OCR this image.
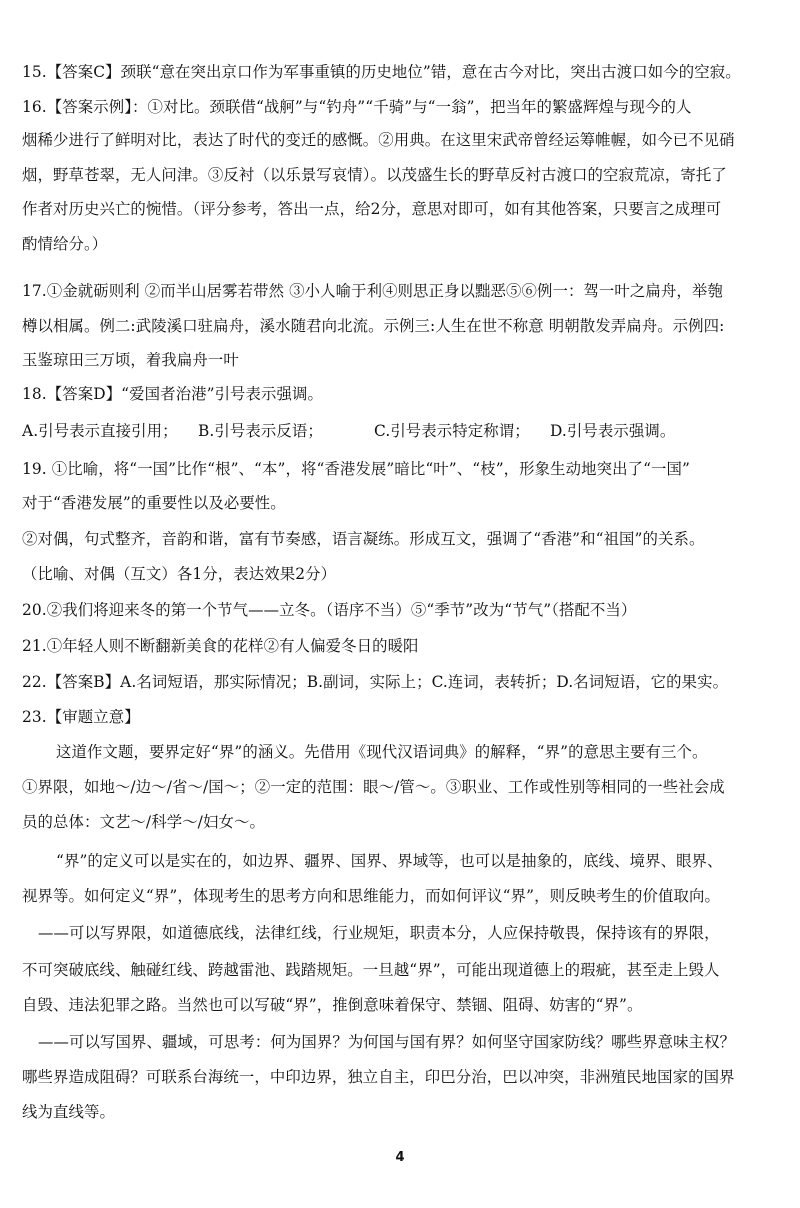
15.【答案C】颈联“意在突出京口作为军事重镇的历史地位”错，意在古今对比，突出古渡口如今的空寂。
16.【答案示例】：①对比。颈联借“战舸”与“钓舟”“千骑”与“一翁”，把当年的繁盛辉煌与现今的人
烟稀少进行了鲜明对比，表达了时代的变迁的感慨。②用典。在这里宋武帝曾经运筹帷幄，如今已不见硝
烟，野草苍翠，无人问津。③反衬（以乐景写哀情）。以茂盛生长的野草反衬古渡口的空寂荒凉，寄托了
作者对历史兴亡的惋惜。（评分参考，答出一点，给2分，意思对即可，如有其他答案，只要言之成理可
酌情给分。）
17.①金就砺则利 ②而半山居雾若带然 ③小人喻于利④则思正身以黜恶⑤⑥例一：驾一叶之扁舟，举匏
樽以相属。例二:武陵溪口驻扁舟，溪水随君向北流。示例三:人生在世不称意 明朝散发弄扁舟。示例四:
玉鉴琼田三万顷，着我扁舟一叶
18.【答案D】“爱国者治港”引号表示强调。
A.引号表示直接引用； B.引号表示反语；	C.引号表示特定称谓； D.引号表示强调。
19. ①比喻，将“一国”比作“根”、“本”，将“香港发展”暗比“叶”、“枝”，形象生动地突出了“一国”
对于“香港发展”的重要性以及必要性。
②对偶，句式整齐，音韵和谐，富有节奏感，语言凝练。形成互文，强调了“香港”和“祖国”的关系。
（比喻、对偶（互文）各1分，表达效果2分）
20.②我们将迎来冬的第一个节气——立冬。（语序不当）⑤“季节”改为“节气”（搭配不当）
21.①年轻人则不断翻新美食的花样②有人偏爱冬日的暖阳
22.【答案B】A.名词短语，那实际情况；B.副词，实际上；C.连词，表转折；D.名词短语，它的果实。
23.【审题立意】
这道作文题，要界定好“界”的涵义。先借用《现代汉语词典》的解释，“界”的意思主要有三个。
①界限，如地～/边～/省～/国～；②一定的范围：眼～/管～。③职业、工作或性别等相同的一些社会成
员的总体：文艺～/科学～/妇女～。
“界”的定义可以是实在的，如边界、疆界、国界、界域等，也可以是抽象的，底线、境界、眼界、
视界等。如何定义“界”，体现考生的思考方向和思维能力，而如何评议“界”，则反映考生的价值取向。
——可以写界限，如道德底线，法律红线，行业规矩，职责本分，人应保持敬畏，保持该有的界限，
不可突破底线、触碰红线、跨越雷池、践踏规矩。一旦越“界”，可能出现道德上的瑕疵，甚至走上毁人
自毁、违法犯罪之路。当然也可以写破“界”，推倒意味着保守、禁锢、阻碍、妨害的“界”。
——可以写国界、疆域，可思考：何为国界？为何国与国有界？如何坚守国家防线？哪些界意味主权？
哪些界造成阻碍？可联系台海统一，中印边界，独立自主，印巴分治，巴以冲突，非洲殖民地国家的国界
线为直线等。
4
